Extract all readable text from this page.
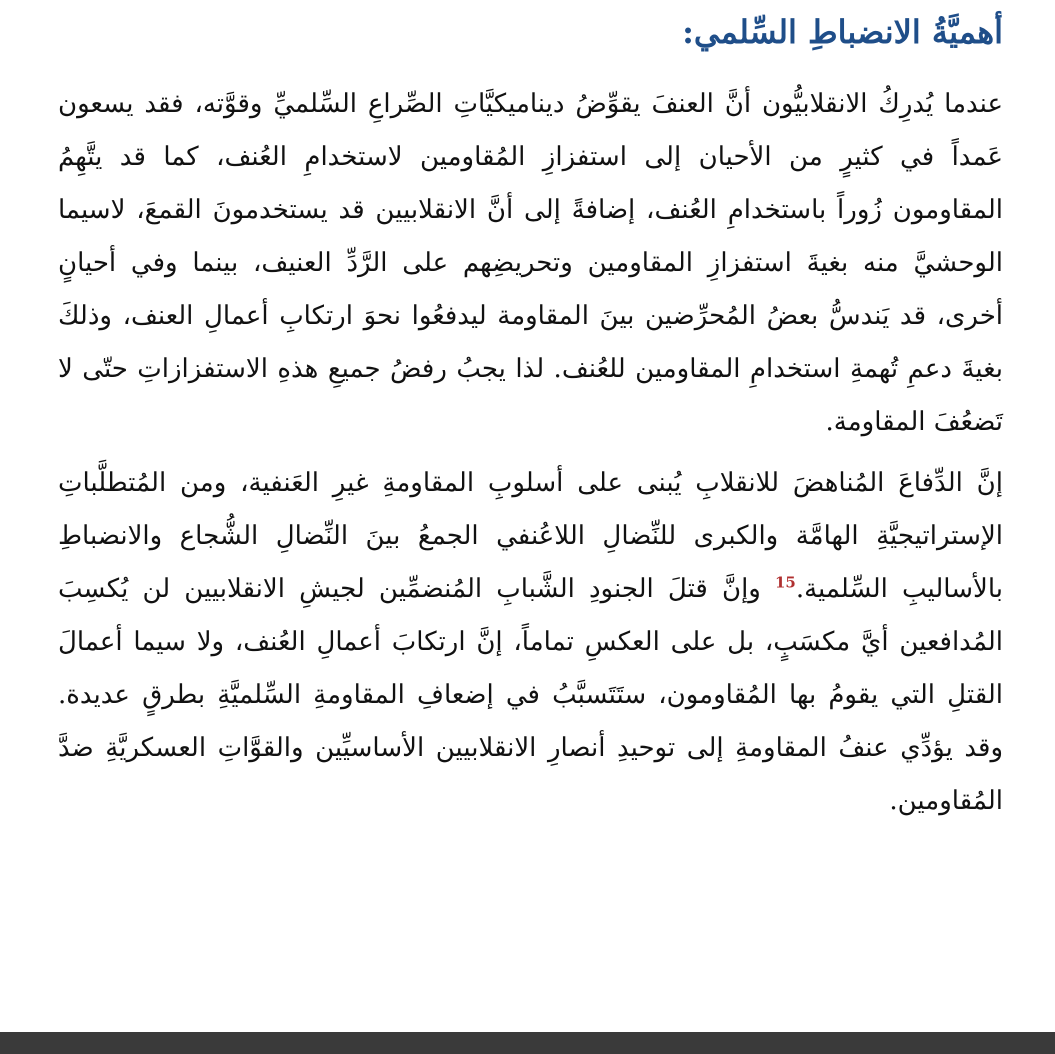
أهميَّةُ الانضباطِ السِّلمي:

عندما يُدرِكُ الانقلابيُّون أنَّ العنفَ يقوِّضُ ديناميكيَّاتِ الصِّراعِ السِّلميِّ وقوَّته، فقد يسعون عَمداً في كثيرٍ من الأحيان إلى استفزازِ المُقاومين لاستخدامِ العُنف، كما قد يتَّهِمُ المقاومون زُوراً باستخدامِ العُنف، إضافةً إلى أنَّ الانقلابيين قد يستخدمونَ القمعَ، لاسيما الوحشيَّ منه بغيةَ استفزازِ المقاومين وتحريضِهم على الرَّدِّ العنيف، بينما وفي أحيانٍ أخرى، قد يَندسُّ بعضُ المُحرِّضين بينَ المقاومة ليدفعُوا نحوَ ارتكابِ أعمالِ العنف، وذلكَ بغيةَ دعمِ تُهمةِ استخدامِ المقاومين للعُنف. لذا يجبُ رفضُ جميعِ هذهِ الاستفزازاتِ حتّى لا تَضعُفَ المقاومة.

إنَّ الدِّفاعَ المُناهضَ للانقلابِ يُبنى على أسلوبِ المقاومةِ غيرِ العَنفية، ومن المُتطلَّباتِ الإستراتيجيَّةِ الهامَّة والكبرى للنِّضالِ اللاعُنفي الجمعُ بينَ النِّضالِ الشُّجاع والانضباطِ بالأساليبِ السِّلمية.$^{15}$ وإنَّ قتلَ الجنودِ الشَّبابِ المُنضمِّين لجيشِ الانقلابيين لن يُكسِبَ المُدافعين أيَّ مكسَبٍ، بل على العكسِ تماماً، إنَّ ارتكابَ أعمالِ العُنف، ولا سيما أعمالَ القتلِ التي يقومُ بها المُقاومون، ستَتَسبَّبُ في إضعافِ المقاومةِ السِّلميَّةِ بطرقٍ عديدة. وقد يؤدِّي عنفُ المقاومةِ إلى توحيدِ أنصارِ الانقلابيين الأساسيِّين والقوَّاتِ العسكريَّةِ ضدَّ المُقاومين.
